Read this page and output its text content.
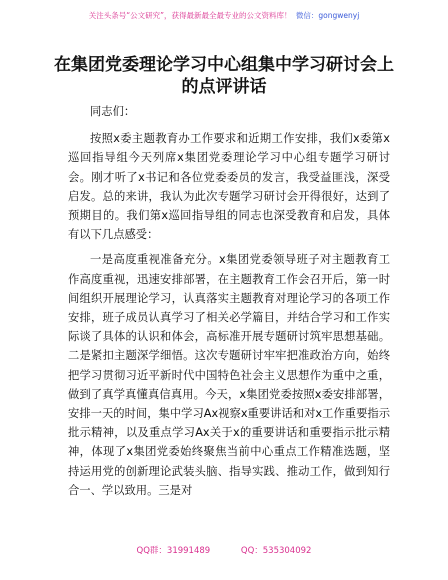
关注头条号“公文研究”，获得最新最全最专业的公文资料库！ 微信：gongwenyj
在集团党委理论学习中心组集中学习研讨会上
的点评讲话

同志们：

按照x委主题教育办工作要求和近期工作安排，我们x委第x巡回指导组今天列席x集团党委理论学习中心组专题学习研讨会。刚才听了x书记和各位党委委员的发言，我受益匪浅，深受启发。总的来讲，我认为此次专题学习研讨会开得很好，达到了预期目的。我们第x巡回指导组的同志也深受教育和启发，具体有以下几点感受：

一是高度重视准备充分。x集团党委领导班子对主题教育工作高度重视，迅速安排部署，在主题教育工作会召开后，第一时间组织开展理论学习，认真落实主题教育对理论学习的各项工作安排，班子成员认真学习了相关必学篇目，并结合学习和工作实际谈了具体的认识和体会，高标准开展专题研讨筑牢思想基础。二是紧扣主题深学细悟。这次专题研讨牢牢把准政治方向，始终把学习贯彻习近平新时代中国特色社会主义思想作为重中之重，做到了真学真懂真信真用。今天，x集团党委按照x委安排部署，安排一天的时间，集中学习Ax视察x重要讲话和对x工作重要指示批示精神，以及重点学习Ax关于x的重要讲话和重要指示批示精神，体现了x集团党委始终聚焦当前中心重点工作精准选题，坚持运用党的创新理论武装头脑、指导实践、推动工作，做到知行合一、学以致用。三是对

QQ群：31991489	QQ：535304092
